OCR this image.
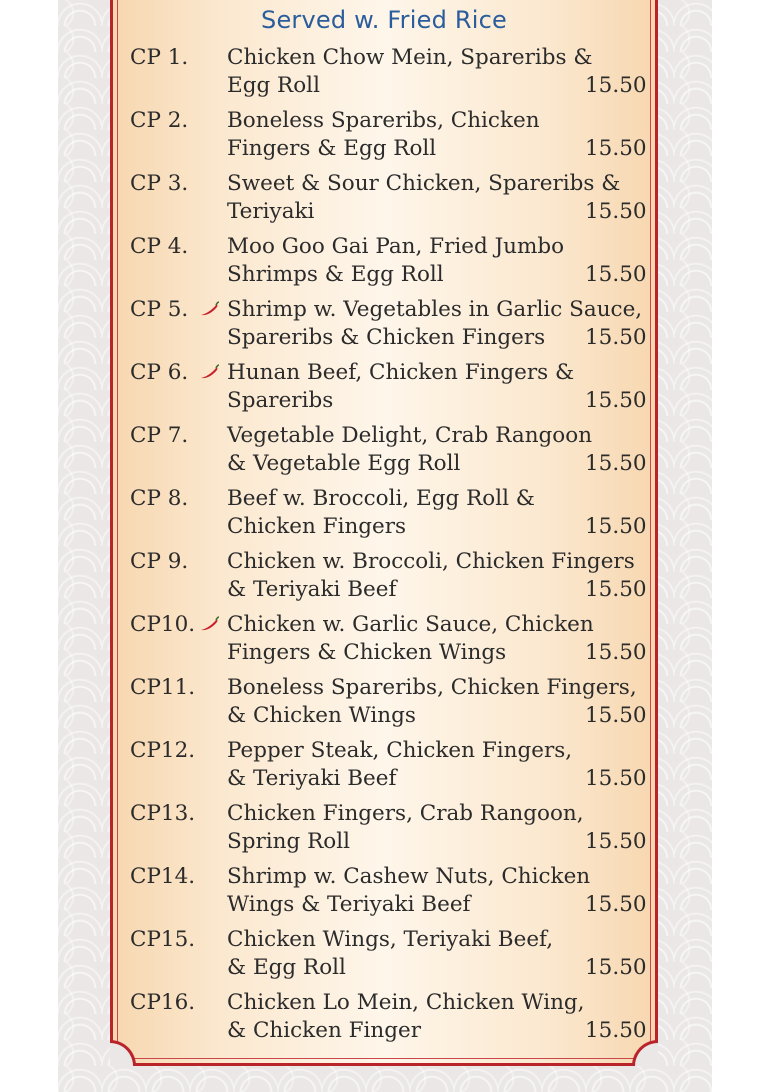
Served w. Fried Rice
CP 1. Chicken Chow Mein, Spareribs &
Egg Roll	15.50
CP 2. Boneless Spareribs, Chicken
Fingers & Egg Roll	15.50
CP 3. Sweet & Sour Chicken, Spareribs &
Teriyaki	15.50
CP 4. Moo Goo Gai Pan, Fried Jumbo
Shrimps & Egg Roll	15.50
CP 5. Shrimp w. Vegetables in Garlic Sauce,
Spareribs & Chicken Fingers	15.50
CP 6. Hunan Beef, Chicken Fingers &
Spareribs	15.50
CP 7. Vegetable Delight, Crab Rangoon
& Vegetable Egg Roll	15.50
CP 8. Beef w. Broccoli, Egg Roll &
Chicken Fingers	15.50
CP 9. Chicken w. Broccoli, Chicken Fingers
& Teriyaki Beef	15.50
CP10. Chicken w. Garlic Sauce, Chicken
Fingers & Chicken Wings	15.50
CP11. Boneless Spareribs, Chicken Fingers,
& Chicken Wings	15.50
CP12. Pepper Steak, Chicken Fingers,
& Teriyaki Beef	15.50
CP13. Chicken Fingers, Crab Rangoon,
Spring Roll	15.50
CP14. Shrimp w. Cashew Nuts, Chicken
Wings & Teriyaki Beef	15.50
CP15. Chicken Wings, Teriyaki Beef,
& Egg Roll	15.50
CP16. Chicken Lo Mein, Chicken Wing,
& Chicken Finger	15.50
